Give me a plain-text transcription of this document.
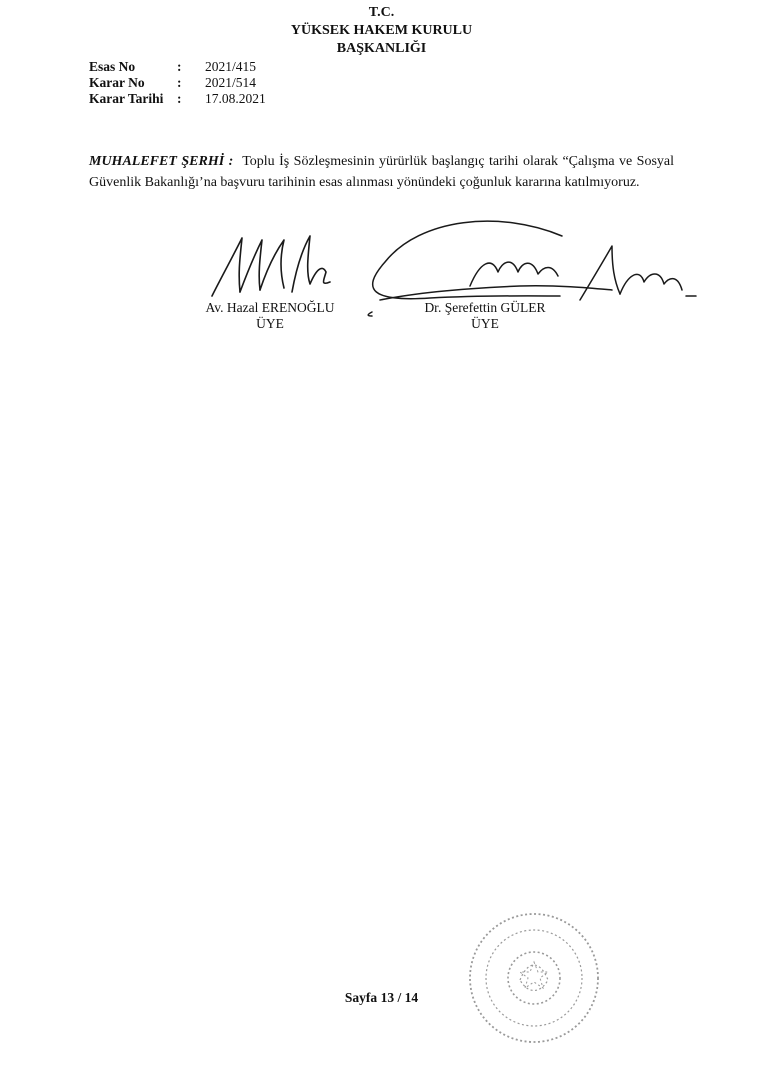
T.C.
YÜKSEK HAKEM KURULU
BAŞKANLIĞI
Esas No	:	2021/415
Karar No	:	2021/514
Karar Tarihi	:	17.08.2021
MUHALEFET ŞERHİ : Toplu İş Sözleşmesinin yürürlük başlangıç tarihi olarak “Çalışma ve Sosyal Güvenlik Bakanlığı’na başvuru tarihinin esas alınması yönündeki çoğunluk kararına katılmıyoruz.
Av. Hazal ERENOĞLU
ÜYE
Dr. Şerefettin GÜLER
ÜYE
Sayfa 13 / 14
